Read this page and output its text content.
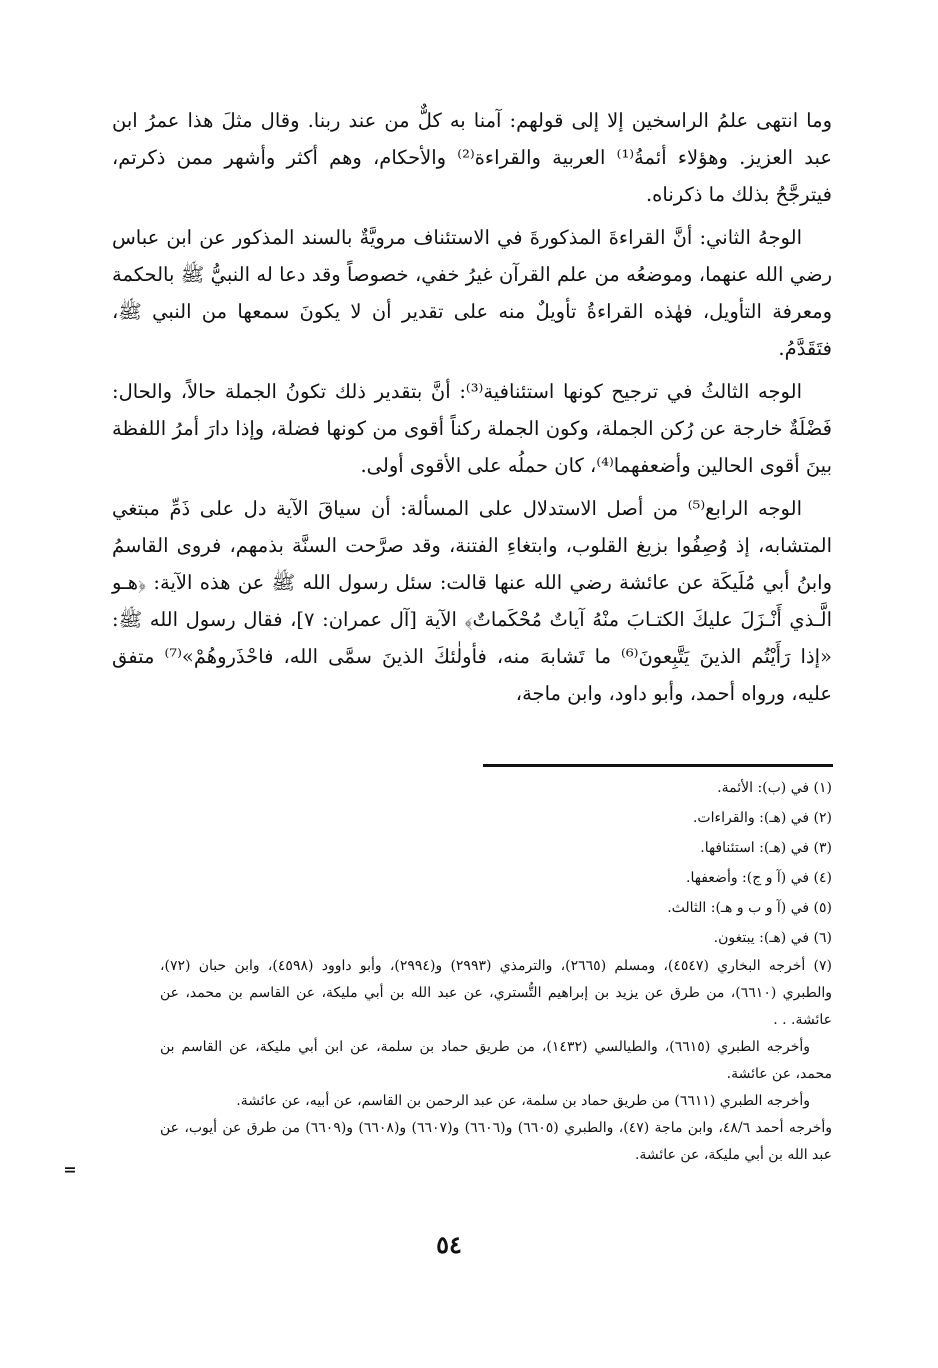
وما انتهى علمُ الراسخين إلا إلى قولهم: آمنا به كلٌّ من عند ربنا. وقال مثلَ هذا عمرُ ابن عبد العزيز. وهؤلاء أئمةُ⁽¹⁾ العربية والقراءة⁽²⁾ والأحكام، وهم أكثر وأشهر ممن ذكرتم، فيترجَّحُ بذلك ما ذكرناه.

الوجهُ الثاني: أنَّ القراءةَ المذكورةَ في الاستئناف مرويَّةٌ بالسند المذكور عن ابن عباس رضي الله عنهما، وموضعُه من علم القرآن غيرُ خفي، خصوصاً وقد دعا له النبيُّ ﷺ بالحكمة ومعرفة التأويل، فهٰذه القراءةُ تأويلٌ منه على تقدير أن لا يكونَ سمعها من النبي ﷺ، فتَقَدَّمُ.

الوجه الثالثُ في ترجيح كونها استئنافية⁽³⁾: أنَّ بتقدير ذلك تكونُ الجملة حالاً، والحال: فَضْلَةٌ خارجة عن رُكن الجملة، وكون الجملة ركناً أقوى من كونها فضلة، وإذا دارَ أمرُ اللفظة بينَ أقوى الحالين وأضعفهما⁽⁴⁾، كان حملُه على الأقوى أولى.

الوجه الرابع⁽⁵⁾ من أصل الاستدلال على المسألة: أن سياقَ الآية دل على ذَمِّ مبتغي المتشابه، إذ وُصِفُوا بزيغ القلوب، وابتغاءِ الفتنة، وقد صرَّحت السنَّة بذمهم، فروى القاسمُ وابنُ أبي مُلَيكَة عن عائشة رضي الله عنها قالت: سئل رسول الله ﷺ عن هذه الآية: ﴿هـو الَّـذي أَنْـزَلَ عليكَ الكتـابَ منْهُ آياتٌ مُحْكَماتٌ﴾ الآية [آل عمران: ٧]، فقال رسول الله ﷺ: «إذا رَأَيْتُم الذينَ يَتَّبِعونَ⁽⁶⁾ ما تَشابهَ منه، فأولٰئكَ الذينَ سمَّى الله، فاحْذَروهُمْ»⁽⁷⁾ متفق عليه، ورواه أحمد، وأبو داود، وابن ماجة،

(١) في (ب): الأئمة.

(٢) في (هـ): والقراءات.

(٣) في (هـ): استئنافها.

(٤) في (آ و ج): وأضعفها.

(٥) في (آ و ب و هـ): الثالث.

(٦) في (هـ): يبتغون.

(٧) أخرجه البخاري (٤٥٤٧)، ومسلم (٢٦٦٥)، والترمذي (٢٩٩٣) و(٢٩٩٤)، وأبو داوود (٤٥٩٨)، وابن حبان (٧٢)، والطبري (٦٦١٠)، من طرق عن يزيد بن إبراهيم التُّستري، عن عبد الله بن أبي مليكة، عن القاسم بن محمد، عن عائشة. . .

وأخرجه الطبري (٦٦١٥)، والطيالسي (١٤٣٢)، من طريق حماد بن سلمة، عن ابن أبي مليكة، عن القاسم بن محمد، عن عائشة.

وأخرجه الطبري (٦٦١١) من طريق حماد بن سلمة، عن عبد الرحمن بن القاسم، عن أبيه، عن عائشة.

وأخرجه أحمد ٤٨/٦، وابن ماجة (٤٧)، والطبري (٦٦٠٥) و(٦٦٠٦) و(٦٦٠٧) و(٦٦٠٨) و(٦٦٠٩) من طرق عن أيوب، عن عبد الله بن أبي مليكة، عن عائشة.

=
٥٤
